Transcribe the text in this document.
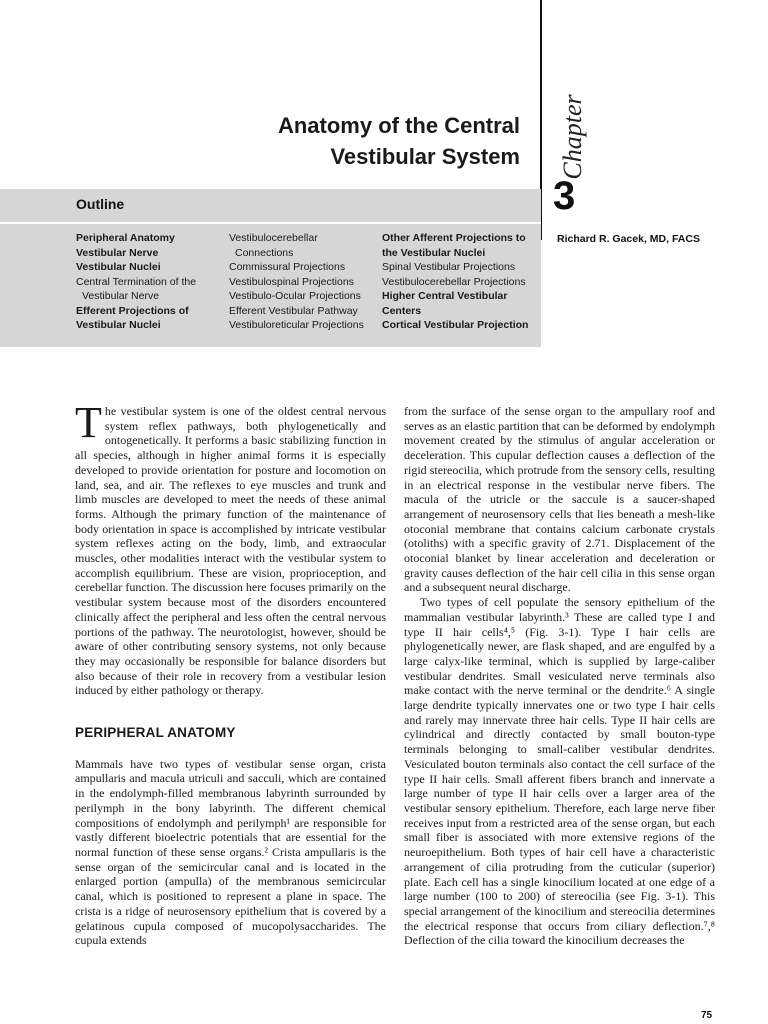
Anatomy of the Central
Vestibular System Chapter
3
Outline
Peripheral Anatomy
Vestibular Nerve
Vestibular Nuclei
Central Termination of the
Vestibular Nerve
Efferent Projections of
Vestibular Nuclei
Vestibulocerebellar
Connections
Commissural Projections
Vestibulospinal Projections
Vestibulo-Ocular Projections
Efferent Vestibular Pathway
Vestibuloreticular Projections
Other Afferent Projections to
the Vestibular Nuclei
Spinal Vestibular Projections
Vestibulocerebellar Projections
Higher Central Vestibular
Centers
Cortical Vestibular Projection
Richard R. Gacek, MD, FACS

The vestibular system is one of the oldest central nervous system reflex pathways, both phylogenetically and ontogenetically. It performs a basic stabilizing function in all species, although in higher animal forms it is especially developed to provide orientation for posture and locomotion on land, sea, and air. The reflexes to eye muscles and trunk and limb muscles are developed to meet the needs of these animal forms. Although the primary function of the maintenance of body orientation in space is accomplished by intricate vestibular system reflexes acting on the body, limb, and extraocular muscles, other modalities interact with the vestibular system to accomplish equilibrium. These are vision, proprioception, and cerebellar function. The discussion here focuses primarily on the vestibular system because most of the disorders encountered clinically affect the peripheral and less often the central nervous portions of the pathway. The neurotologist, however, should be aware of other contributing sensory systems, not only because they may occasionally be responsible for balance disorders but also because of their role in recovery from a vestibular lesion induced by either pathology or therapy.

PERIPHERAL ANATOMY

Mammals have two types of vestibular sense organ, crista ampullaris and macula utriculi and sacculi, which are contained in the endolymph-filled membranous labyrinth surrounded by perilymph in the bony labyrinth. The different chemical compositions of endolymph and perilymph¹ are responsible for vastly different bioelectric potentials that are essential for the normal function of these sense organs.² Crista ampullaris is the sense organ of the semicircular canal and is located in the enlarged portion (ampulla) of the membranous semicircular canal, which is positioned to represent a plane in space. The crista is a ridge of neurosensory epithelium that is covered by a gelatinous cupula composed of mucopolysaccharides. The cupula extends

from the surface of the sense organ to the ampullary roof and serves as an elastic partition that can be deformed by endolymph movement created by the stimulus of angular acceleration or deceleration. This cupular deflection causes a deflection of the rigid stereocilia, which protrude from the sensory cells, resulting in an electrical response in the vestibular nerve fibers. The macula of the utricle or the saccule is a saucer-shaped arrangement of neurosensory cells that lies beneath a mesh-like otoconial membrane that contains calcium carbonate crystals (otoliths) with a specific gravity of 2.71. Displacement of the otoconial blanket by linear acceleration and deceleration or gravity causes deflection of the hair cell cilia in this sense organ and a subsequent neural discharge.

Two types of cell populate the sensory epithelium of the mammalian vestibular labyrinth.³ These are called type I and type II hair cells⁴,⁵ (Fig. 3-1). Type I hair cells are phylogenetically newer, are flask shaped, and are engulfed by a large calyx-like terminal, which is supplied by large-caliber vestibular dendrites. Small vesiculated nerve terminals also make contact with the nerve terminal or the dendrite.⁶ A single large dendrite typically innervates one or two type I hair cells and rarely may innervate three hair cells. Type II hair cells are cylindrical and directly contacted by small bouton-type terminals belonging to small-caliber vestibular dendrites. Vesiculated bouton terminals also contact the cell surface of the type II hair cells. Small afferent fibers branch and innervate a large number of type II hair cells over a larger area of the vestibular sensory epithelium. Therefore, each large nerve fiber receives input from a restricted area of the sense organ, but each small fiber is associated with more extensive regions of the neuroepithelium. Both types of hair cell have a characteristic arrangement of cilia protruding from the cuticular (superior) plate. Each cell has a single kinocilium located at one edge of a large number (100 to 200) of stereocilia (see Fig. 3-1). This special arrangement of the kinocilium and stereocilia determines the electrical response that occurs from ciliary deflection.⁷,⁸ Deflection of the cilia toward the kinocilium decreases the

75
